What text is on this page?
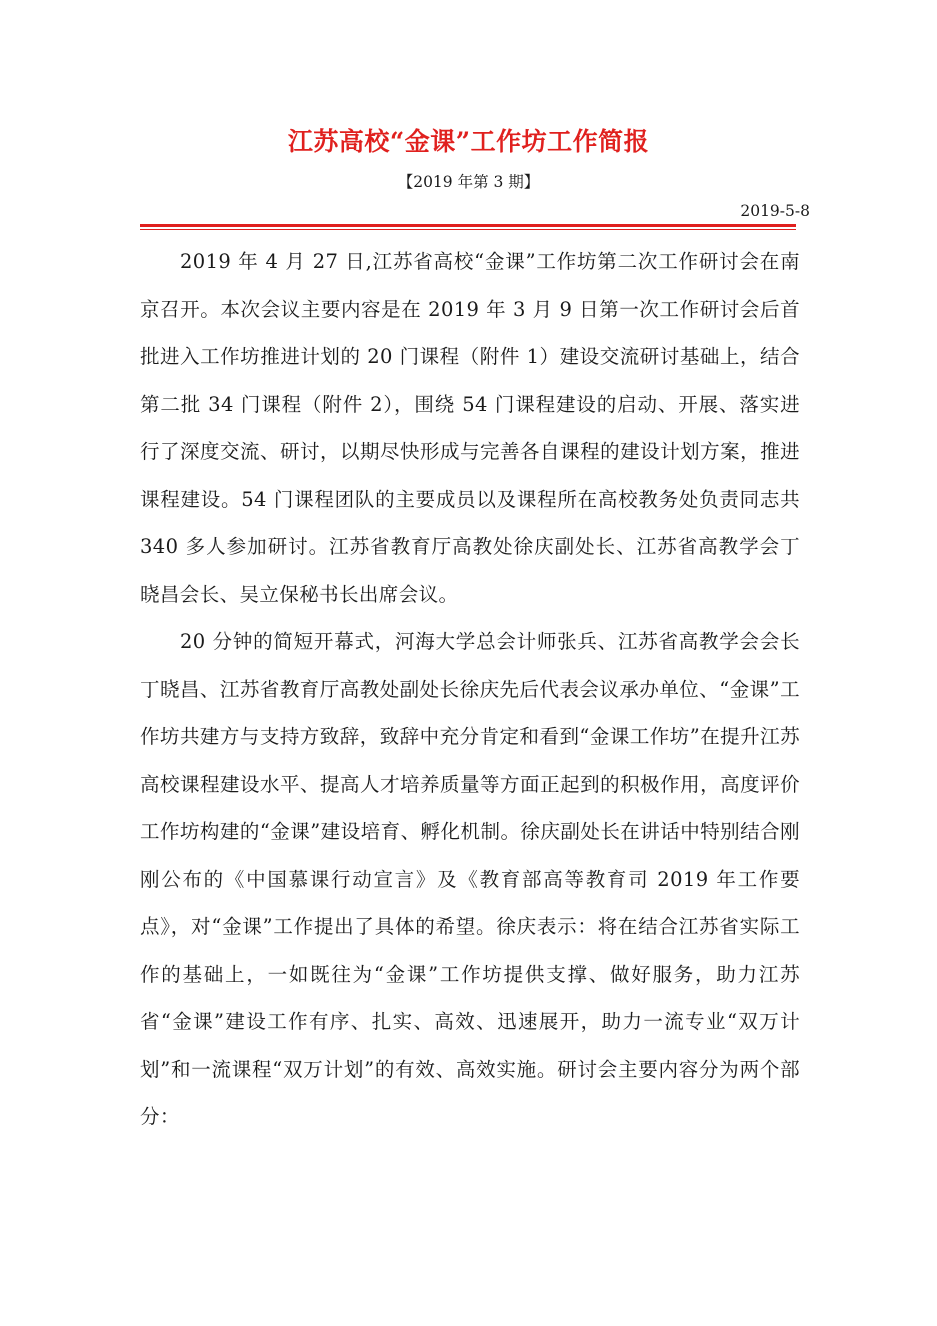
江苏高校“金课”工作坊工作简报
【2019 年第 3 期】
2019-5-8

2019 年 4 月 27 日,江苏省高校“金课”工作坊第二次工作研讨会在南京召开。本次会议主要内容是在 2019 年 3 月 9 日第一次工作研讨会后首批进入工作坊推进计划的 20 门课程（附件 1）建设交流研讨基础上，结合第二批 34 门课程（附件 2），围绕 54 门课程建设的启动、开展、落实进行了深度交流、研讨，以期尽快形成与完善各自课程的建设计划方案，推进课程建设。54 门课程团队的主要成员以及课程所在高校教务处负责同志共 340 多人参加研讨。江苏省教育厅高教处徐庆副处长、江苏省高教学会丁晓昌会长、吴立保秘书长出席会议。

20 分钟的简短开幕式，河海大学总会计师张兵、江苏省高教学会会长丁晓昌、江苏省教育厅高教处副处长徐庆先后代表会议承办单位、“金课”工作坊共建方与支持方致辞，致辞中充分肯定和看到“金课工作坊”在提升江苏高校课程建设水平、提高人才培养质量等方面正起到的积极作用，高度评价工作坊构建的“金课”建设培育、孵化机制。徐庆副处长在讲话中特别结合刚刚公布的《中国慕课行动宣言》及《教育部高等教育司 2019 年工作要点》，对“金课”工作提出了具体的希望。徐庆表示：将在结合江苏省实际工作的基础上，一如既往为“金课”工作坊提供支撑、做好服务，助力江苏省“金课”建设工作有序、扎实、高效、迅速展开，助力一流专业“双万计划”和一流课程“双万计划”的有效、高效实施。研讨会主要内容分为两个部分：
